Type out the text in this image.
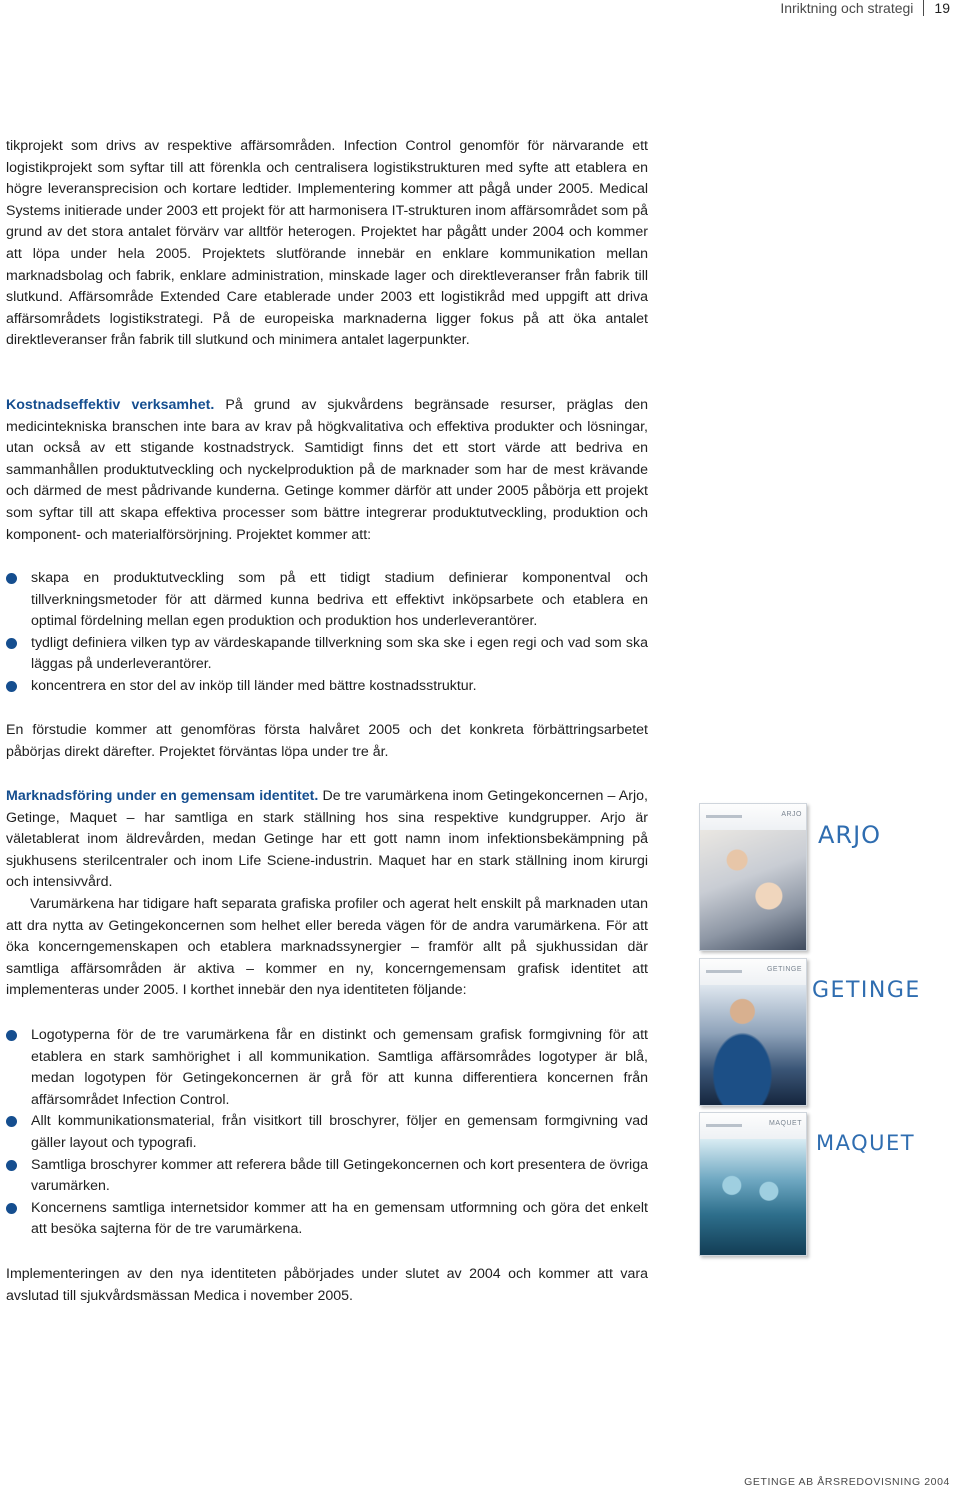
Inriktning och strategi 19

tikprojekt som drivs av respektive affärsområden. Infection Control genomför för närvarande ett logistikprojekt som syftar till att förenkla och centralisera logistikstrukturen med syfte att etablera en högre leveransprecision och kortare ledtider. Implementering kommer att pågå under 2005. Medical Systems initierade under 2003 ett projekt för att harmonisera IT-strukturen inom affärsområdet som på grund av det stora antalet förvärv var alltför heterogen. Projektet har pågått under 2004 och kommer att löpa under hela 2005. Projektets slutförande innebär en enklare kommunikation mellan marknadsbolag och fabrik, enklare administration, minskade lager och direktleveranser från fabrik till slutkund. Affärsområde Extended Care etablerade under 2003 ett logistikråd med uppgift att driva affärsområdets logistikstrategi. På de europeiska marknaderna ligger fokus på att öka antalet direktleveranser från fabrik till slutkund och minimera antalet lagerpunkter.

Kostnadseffektiv verksamhet. På grund av sjukvårdens begränsade resurser, präglas den medicintekniska branschen inte bara av krav på högkvalitativa och effektiva produkter och lösningar, utan också av ett stigande kostnadstryck. Samtidigt finns det ett stort värde att bedriva en sammanhållen produktutveckling och nyckelproduktion på de marknader som har de mest krävande och därmed de mest pådrivande kunderna. Getinge kommer därför att under 2005 påbörja ett projekt som syftar till att skapa effektiva processer som bättre integrerar produktutveckling, produktion och komponent- och materialförsörjning. Projektet kommer att:

skapa en produktutveckling som på ett tidigt stadium definierar komponentval och tillverkningsmetoder för att därmed kunna bedriva ett effektivt inköpsarbete och etablera en optimal fördelning mellan egen produktion och produktion hos underleverantörer.
tydligt definiera vilken typ av värdeskapande tillverkning som ska ske i egen regi och vad som ska läggas på underleverantörer.
koncentrera en stor del av inköp till länder med bättre kostnadsstruktur.

En förstudie kommer att genomföras första halvåret 2005 och det konkreta förbättringsarbetet påbörjas direkt därefter. Projektet förväntas löpa under tre år.

Marknadsföring under en gemensam identitet. De tre varumärkena inom Getingekoncernen – Arjo, Getinge, Maquet – har samtliga en stark ställning hos sina respektive kundgrupper. Arjo är väletablerat inom äldrevården, medan Getinge har ett gott namn inom infektionsbekämpning på sjukhusens sterilcentraler och inom Life Sciene-industrin. Maquet har en stark ställning inom kirurgi och intensivvård.

Varumärkena har tidigare haft separata grafiska profiler och agerat helt enskilt på marknaden utan att dra nytta av Getingekoncernen som helhet eller bereda vägen för de andra varumärkena. För att öka koncerngemenskapen och etablera marknadssynergier – framför allt på sjukhussidan där samtliga affärsområden är aktiva – kommer en ny, koncerngemensam grafisk identitet att implementeras under 2005. I korthet innebär den nya identiteten följande:

Logotyperna för de tre varumärkena får en distinkt och gemensam grafisk formgivning för att etablera en stark samhörighet i all kommunikation. Samtliga affärsområdes logotyper är blå, medan logotypen för Getingekoncernen är grå för att kunna differentiera koncernen från affärsområdet Infection Control.
Allt kommunikationsmaterial, från visitkort till broschyrer, följer en gemensam formgivning vad gäller layout och typografi.
Samtliga broschyrer kommer att referera både till Getingekoncernen och kort presentera de övriga varumärken.
Koncernens samtliga internetsidor kommer att ha en gemensam utformning och göra det enkelt att besöka sajterna för de tre varumärkena.

Implementeringen av den nya identiteten påbörjades under slutet av 2004 och kommer att vara avslutad till sjukvårdsmässan Medica i november 2005.

ARJO
GETINGE
MAQUET
ARJO
GETINGE
MAQUET
GETINGE AB ÅRSREDOVISNING 2004
